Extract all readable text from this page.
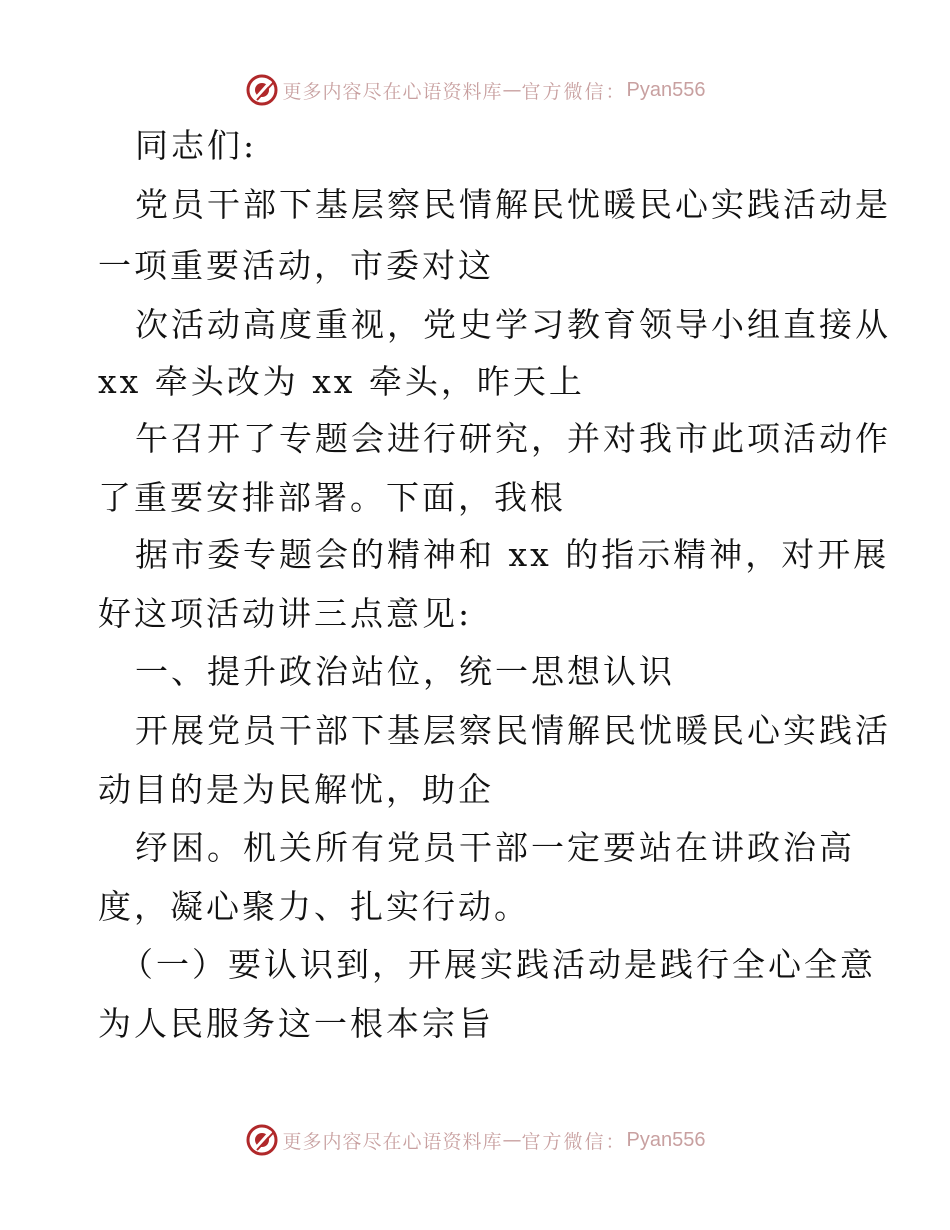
更多内容尽在心语资料库 — 官方微信： Pyan556
同志们:
党员干部下基层察民情解民忧暖民心实践活动是
一项重要活动，市委对这
次活动高度重视，党史学习教育领导小组直接从
xx 牵头改为 xx 牵头，昨天上
午召开了专题会进行研究，并对我市此项活动作
了重要安排部署。下面，我根
据市委专题会的精神和 xx 的指示精神，对开展
好这项活动讲三点意见:
一、提升政治站位，统一思想认识
开展党员干部下基层察民情解民忧暖民心实践活
动目的是为民解忧，助企
纾困。机关所有党员干部一定要站在讲政治高
度，凝心聚力、扎实行动。
（一）要认识到，开展实践活动是践行全心全意
为人民服务这一根本宗旨
更多内容尽在心语资料库 — 官方微信： Pyan556
